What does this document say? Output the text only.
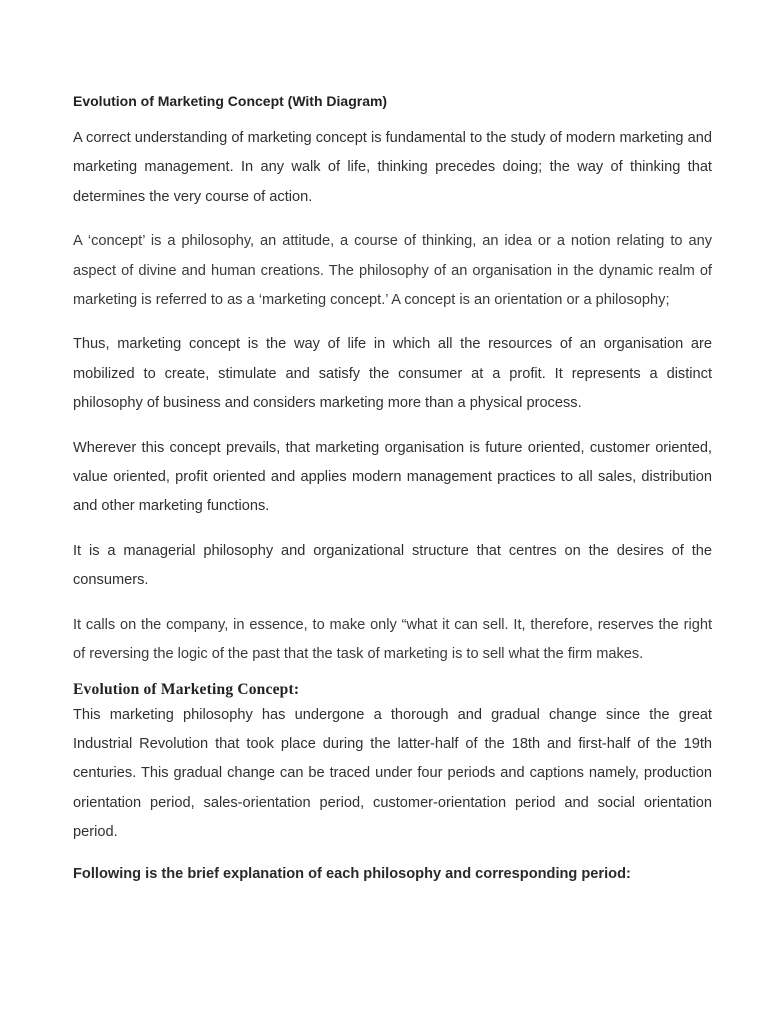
Evolution of Marketing Concept (With Diagram)

A correct understanding of marketing concept is fundamental to the study of modern marketing and marketing management. In any walk of life, thinking precedes doing; the way of thinking that determines the very course of action.

A ‘concept’ is a philosophy, an attitude, a course of thinking, an idea or a notion relating to any aspect of divine and human creations. The philosophy of an organisation in the dynamic realm of marketing is referred to as a ‘marketing concept.’ A concept is an orientation or a philosophy;

Thus, marketing concept is the way of life in which all the resources of an organisation are mobilized to create, stimulate and satisfy the consumer at a profit. It represents a distinct philosophy of business and considers marketing more than a physical process.

Wherever this concept prevails, that marketing organisation is future oriented, customer oriented, value oriented, profit oriented and applies modern management practices to all sales, distribution and other marketing functions.

It is a managerial philosophy and organizational structure that centres on the desires of the consumers.

It calls on the company, in essence, to make only “what it can sell. It, therefore, reserves the right of reversing the logic of the past that the task of marketing is to sell what the firm makes.

Evolution of Marketing Concept:

This marketing philosophy has undergone a thorough and gradual change since the great Industrial Revolution that took place during the latter-half of the 18th and first-half of the 19th centuries. This gradual change can be traced under four periods and captions namely, production orientation period, sales-orientation period, customer-orientation period and social orientation period.

Following is the brief explanation of each philosophy and corresponding period:
